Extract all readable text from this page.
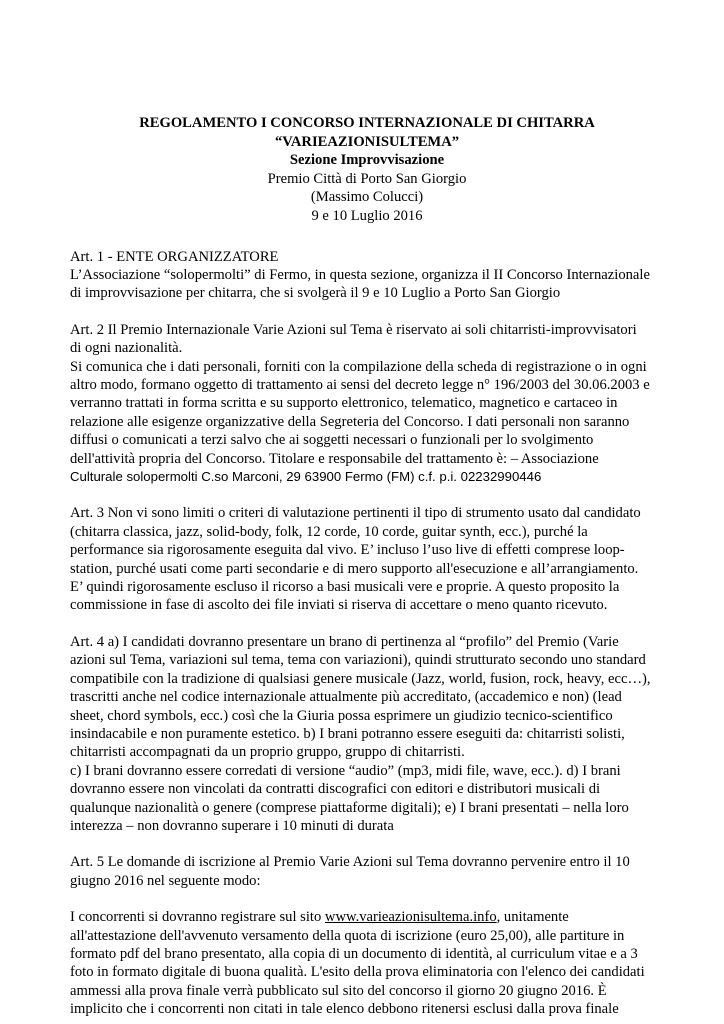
REGOLAMENTO I CONCORSO INTERNAZIONALE DI CHITARRA
“VARIEAZIONISULTEMA”
Sezione Improvvisazione
Premio Città di Porto San Giorgio
(Massimo Colucci)
9 e 10 Luglio 2016

Art. 1 - ENTE ORGANIZZATORE
L’Associazione “solopermolti” di Fermo, in questa sezione, organizza il II Concorso Internazionale
di improvvisazione per chitarra, che si svolgerà il 9 e 10 Luglio a Porto San Giorgio

Art. 2 Il Premio Internazionale Varie Azioni sul Tema è riservato ai soli chitarristi-improvvisatori
di ogni nazionalità.
Si comunica che i dati personali, forniti con la compilazione della scheda di registrazione o in ogni
altro modo, formano oggetto di trattamento ai sensi del decreto legge n° 196/2003 del 30.06.2003 e
verranno trattati in forma scritta e su supporto elettronico, telematico, magnetico e cartaceo in
relazione alle esigenze organizzative della Segreteria del Concorso. I dati personali non saranno
diffusi o comunicati a terzi salvo che ai soggetti necessari o funzionali per lo svolgimento
dell'attività propria del Concorso. Titolare e responsabile del trattamento è: – Associazione
Culturale solopermolti C.so Marconi, 29 63900 Fermo (FM) c.f. p.i. 02232990446

Art. 3 Non vi sono limiti o criteri di valutazione pertinenti il tipo di strumento usato dal candidato
(chitarra classica, jazz, solid-body, folk, 12 corde, 10 corde, guitar synth, ecc.), purché la
performance sia rigorosamente eseguita dal vivo. E’ incluso l’uso live di effetti comprese loop-
station, purché usati come parti secondarie e di mero supporto all'esecuzione e all’arrangiamento.
E’ quindi rigorosamente escluso il ricorso a basi musicali vere e proprie. A questo proposito la
commissione in fase di ascolto dei file inviati si riserva di accettare o meno quanto ricevuto.

Art. 4 a) I candidati dovranno presentare un brano di pertinenza al “profilo” del Premio (Varie
azioni sul Tema, variazioni sul tema, tema con variazioni), quindi strutturato secondo uno standard
compatibile con la tradizione di qualsiasi genere musicale (Jazz, world, fusion, rock, heavy, ecc…),
trascritti anche nel codice internazionale attualmente più accreditato, (accademico e non) (lead
sheet, chord symbols, ecc.) così che la Giuria possa esprimere un giudizio tecnico-scientifico
insindacabile e non puramente estetico. b) I brani potranno essere eseguiti da: chitarristi solisti,
chitarristi accompagnati da un proprio gruppo, gruppo di chitarristi.
c) I brani dovranno essere corredati di versione “audio” (mp3, midi file, wave, ecc.). d) I brani
dovranno essere non vincolati da contratti discografici con editori e distributori musicali di
qualunque nazionalità o genere (comprese piattaforme digitali); e) I brani presentati – nella loro
interezza – non dovranno superare i 10 minuti di durata

Art. 5 Le domande di iscrizione al Premio Varie Azioni sul Tema dovranno pervenire entro il 10
giugno 2016 nel seguente modo:

I concorrenti si dovranno registrare sul sito www.varieazionisultema.info, unitamente
all'attestazione dell'avvenuto versamento della quota di iscrizione (euro 25,00), alle partiture in
formato pdf del brano presentato, alla copia di un documento di identità, al curriculum vitae e a 3
foto in formato digitale di buona qualità. L'esito della prova eliminatoria con l'elenco dei candidati
ammessi alla prova finale verrà pubblicato sul sito del concorso il giorno 20 giugno 2016. È
implicito che i concorrenti non citati in tale elenco debbono ritenersi esclusi dalla prova finale
